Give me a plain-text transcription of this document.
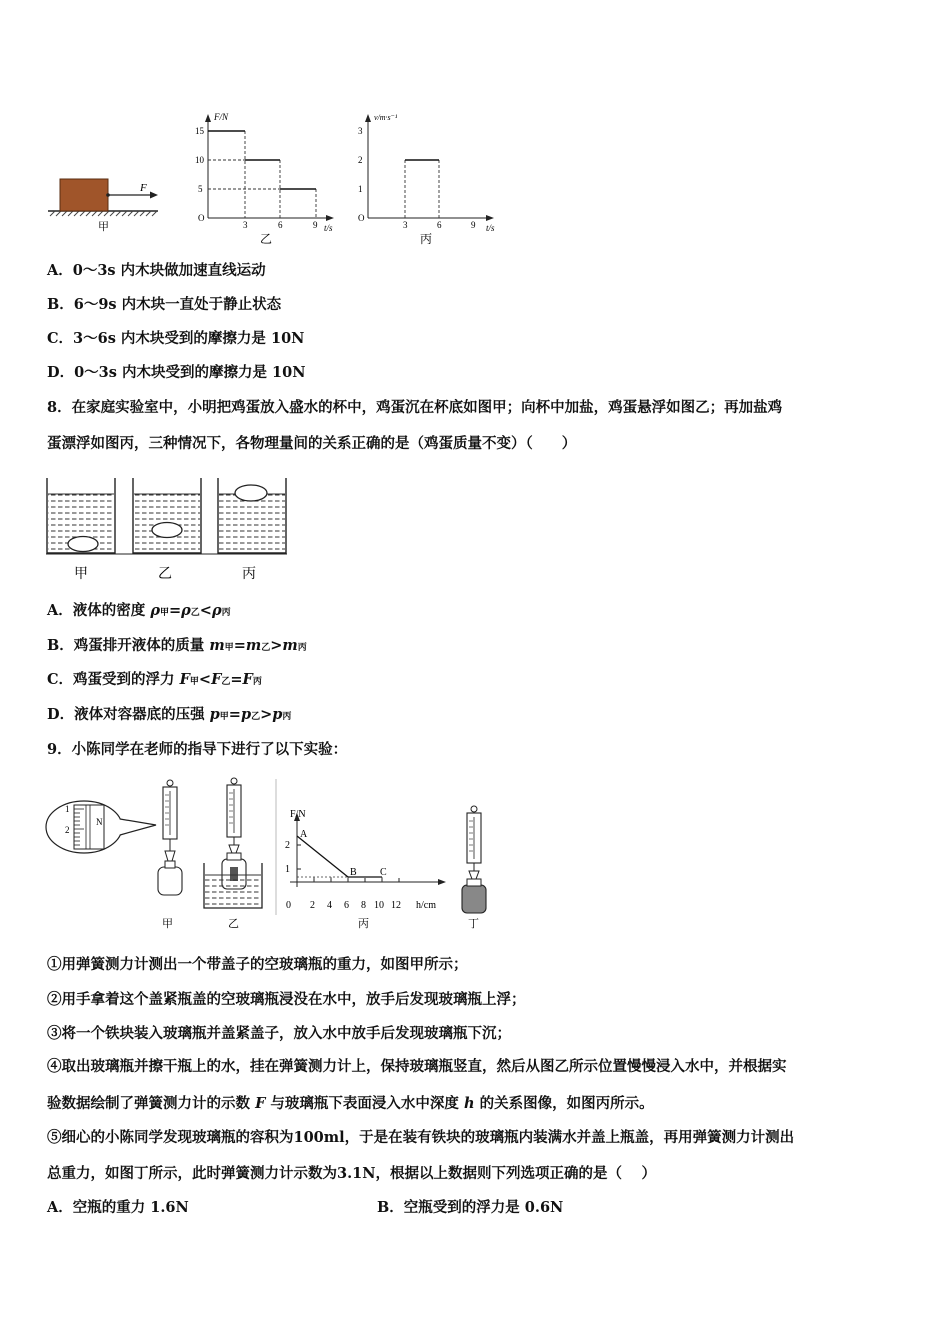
F
甲
F/N
t/s
O
15
10
5
3	6	9
乙
v/m·s⁻¹
t/s
O
3
2
1
3	6	9
丙
A．0～3s 内木块做加速直线运动
B．6～9s 内木块一直处于静止状态
C．3～6s 内木块受到的摩擦力是 10N
D．0～3s 内木块受到的摩擦力是 10N
8．在家庭实验室中，小明把鸡蛋放入盛水的杯中，鸡蛋沉在杯底如图甲；向杯中加盐，鸡蛋悬浮如图乙；再加盐鸡
蛋漂浮如图丙，三种情况下，各物理量间的关系正确的是（鸡蛋质量不变）（　　）
甲	乙	丙
A．液体的密度 ρ甲=ρ乙<ρ丙
B．鸡蛋排开液体的质量 m甲=m乙>m丙
C．鸡蛋受到的浮力 F甲<F乙=F丙
D．液体对容器底的压强 p甲=p乙>p丙
9．小陈同学在老师的指导下进行了以下实验：
1
2
N
甲	乙
F/N
h/cm
0
2
1
2 4 6 8 10 12
A
B C
丙	丁
①用弹簧测力计测出一个带盖子的空玻璃瓶的重力，如图甲所示；
②用手拿着这个盖紧瓶盖的空玻璃瓶浸没在水中，放手后发现玻璃瓶上浮；
③将一个铁块装入玻璃瓶并盖紧盖子，放入水中放手后发现玻璃瓶下沉；
④取出玻璃瓶并擦干瓶上的水，挂在弹簧测力计上，保持玻璃瓶竖直，然后从图乙所示位置慢慢浸入水中，并根据实
验数据绘制了弹簧测力计的示数 F 与玻璃瓶下表面浸入水中深度 h 的关系图像，如图丙所示。
⑤细心的小陈同学发现玻璃瓶的容积为100ml，于是在装有铁块的玻璃瓶内装满水并盖上瓶盖，再用弹簧测力计测出
总重力，如图丁所示，此时弹簧测力计示数为3.1N，根据以上数据则下列选项正确的是（　 ）
A．空瓶的重力 1.6N	B．空瓶受到的浮力是 0.6N
